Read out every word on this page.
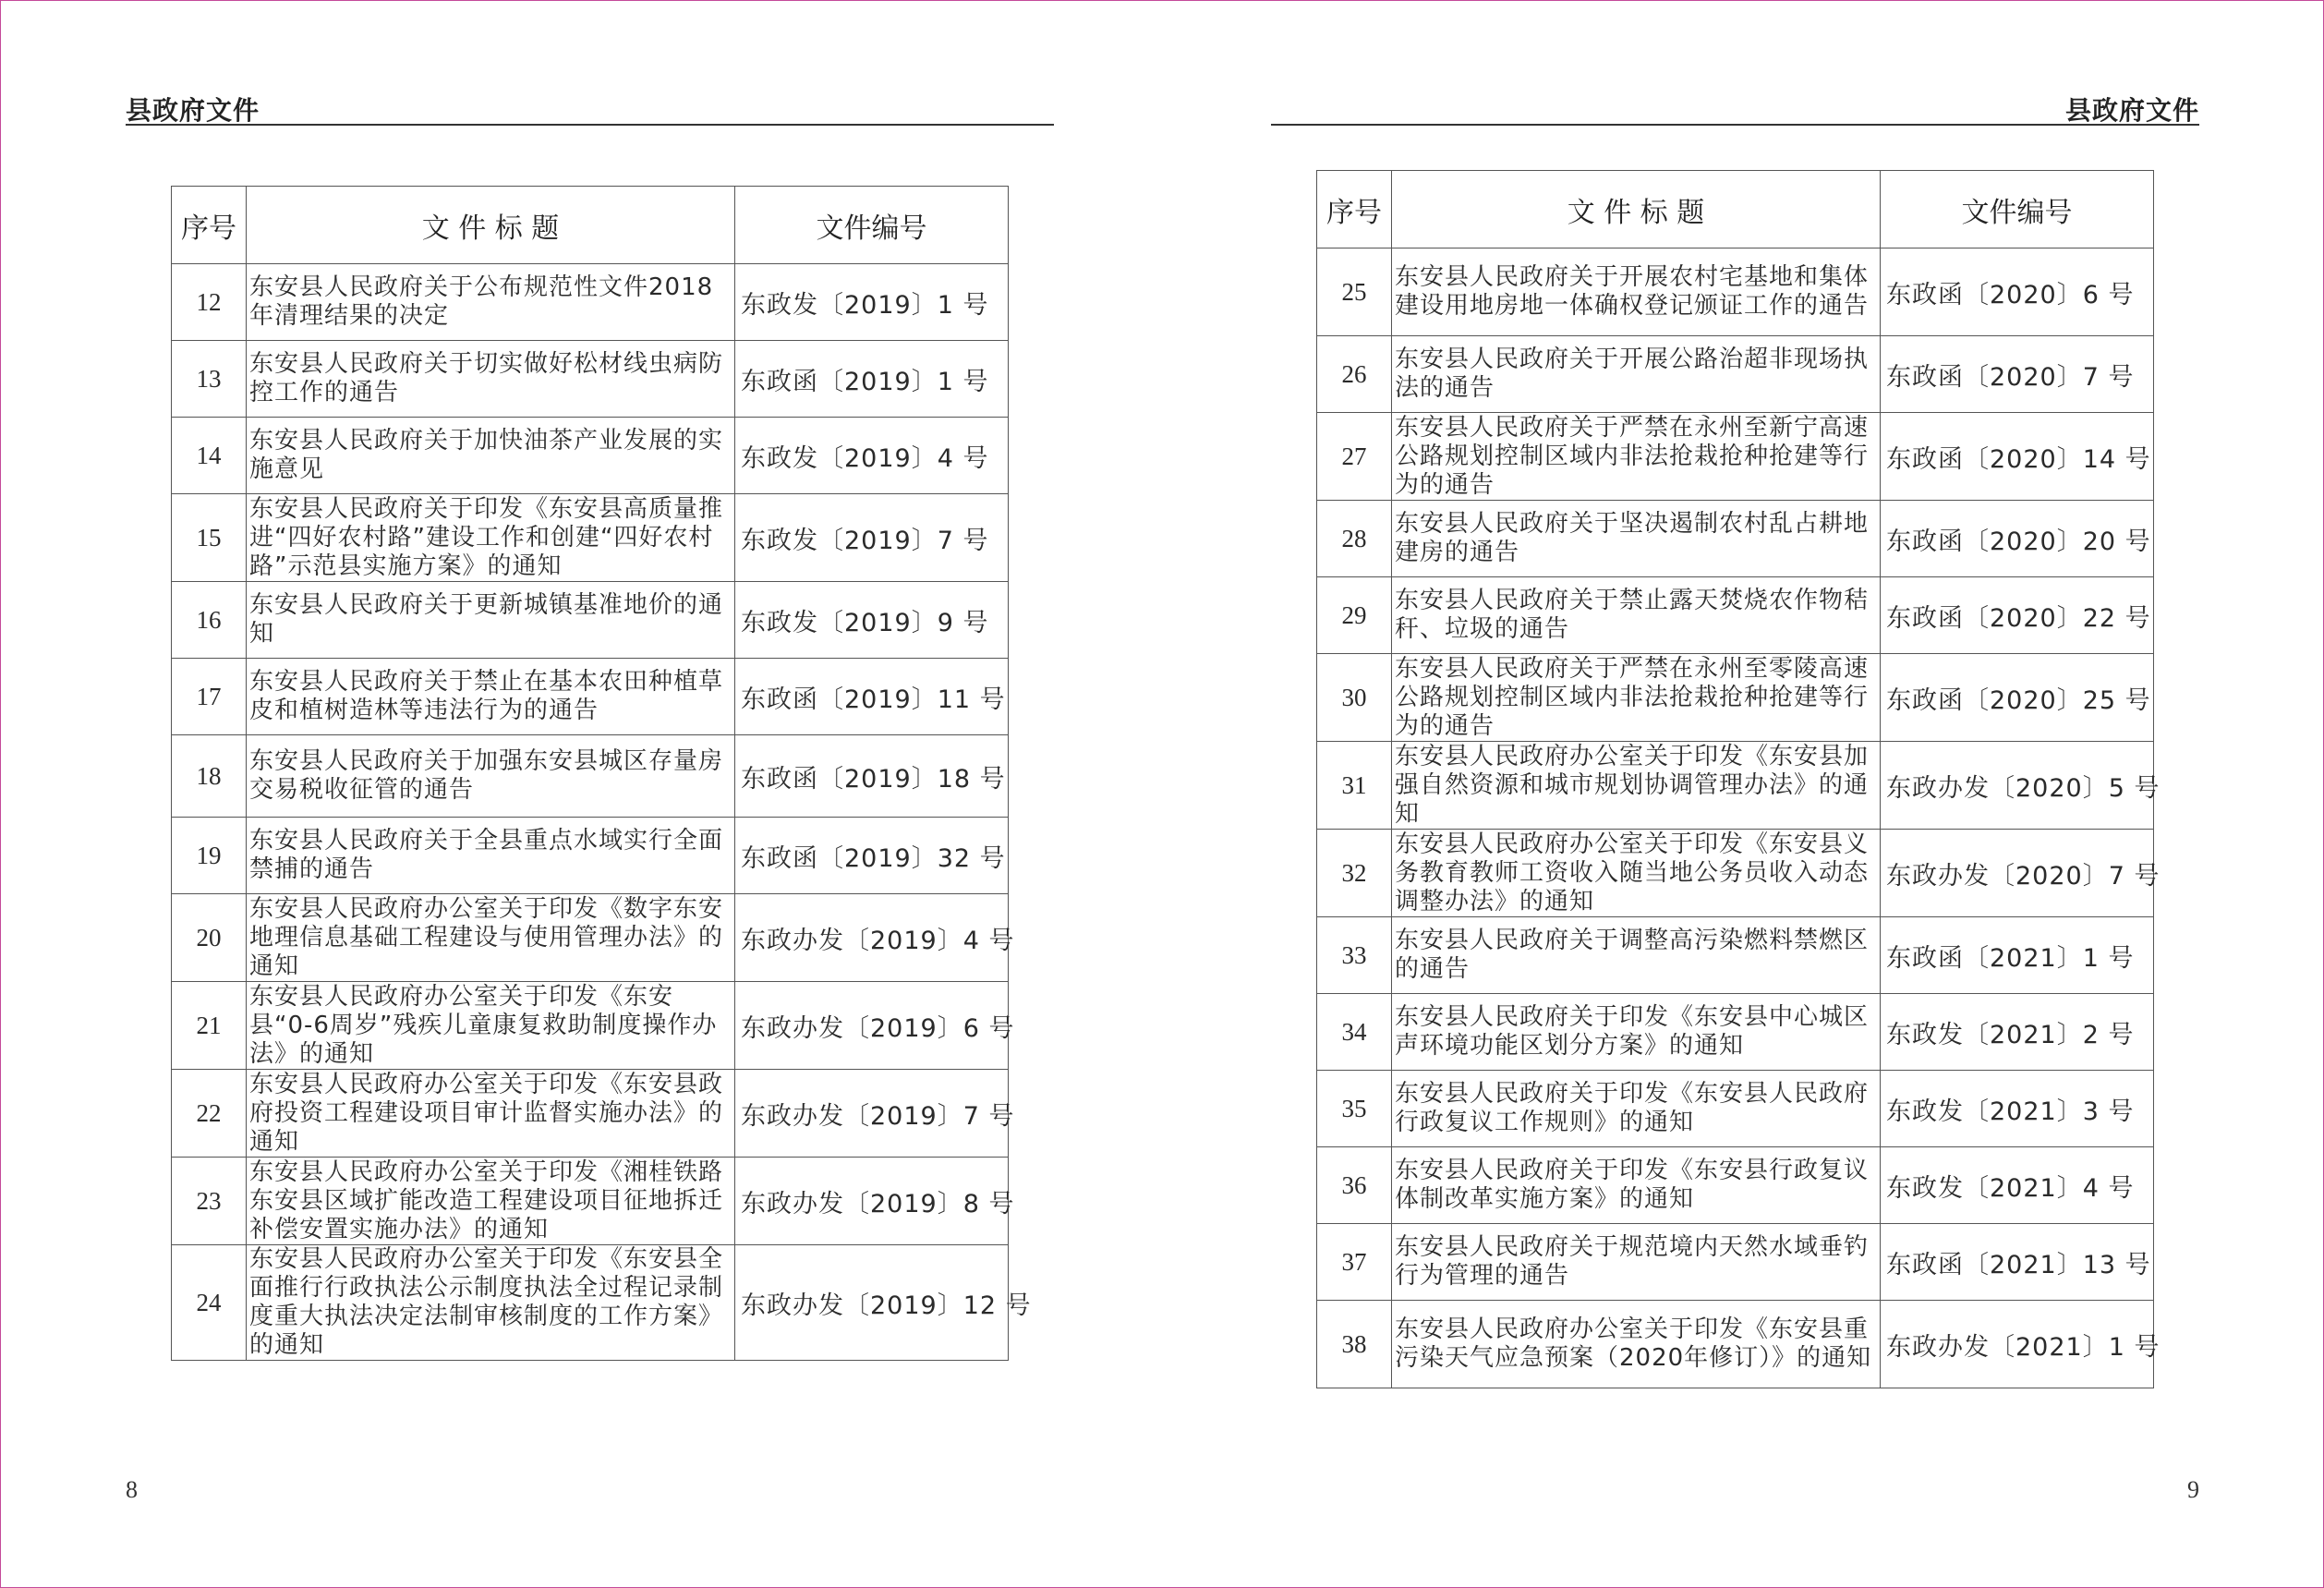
县政府文件
序号	文 件 标 题	文件编号
12	东安县人民政府关于公布规范性文件2018年清理结果的决定	东政发〔2019〕1 号
13	东安县人民政府关于切实做好松材线虫病防控工作的通告	东政函〔2019〕1 号
14	东安县人民政府关于加快油茶产业发展的实施意见	东政发〔2019〕4 号
15	东安县人民政府关于印发《东安县高质量推进“四好农村路”建设工作和创建“四好农村路”示范县实施方案》的通知	东政发〔2019〕7 号
16	东安县人民政府关于更新城镇基准地价的通知	东政发〔2019〕9 号
17	东安县人民政府关于禁止在基本农田种植草皮和植树造林等违法行为的通告	东政函〔2019〕11 号
18	东安县人民政府关于加强东安县城区存量房交易税收征管的通告	东政函〔2019〕18 号
19	东安县人民政府关于全县重点水域实行全面禁捕的通告	东政函〔2019〕32 号
20	东安县人民政府办公室关于印发《数字东安地理信息基础工程建设与使用管理办法》的通知	东政办发〔2019〕4 号
21	东安县人民政府办公室关于印发《东安县“0-6周岁”残疾儿童康复救助制度操作办法》的通知	东政办发〔2019〕6 号
22	东安县人民政府办公室关于印发《东安县政府投资工程建设项目审计监督实施办法》的通知	东政办发〔2019〕7 号
23	东安县人民政府办公室关于印发《湘桂铁路东安县区域扩能改造工程建设项目征地拆迁补偿安置实施办法》的通知	东政办发〔2019〕8 号
24	东安县人民政府办公室关于印发《东安县全面推行行政执法公示制度执法全过程记录制度重大执法决定法制审核制度的工作方案》的通知	东政办发〔2019〕12 号
8
县政府文件
序号	文 件 标 题	文件编号
25	东安县人民政府关于开展农村宅基地和集体建设用地房地一体确权登记颁证工作的通告	东政函〔2020〕6 号
26	东安县人民政府关于开展公路治超非现场执法的通告	东政函〔2020〕7 号
27	东安县人民政府关于严禁在永州至新宁高速公路规划控制区域内非法抢栽抢种抢建等行为的通告	东政函〔2020〕14 号
28	东安县人民政府关于坚决遏制农村乱占耕地建房的通告	东政函〔2020〕20 号
29	东安县人民政府关于禁止露天焚烧农作物秸秆、垃圾的通告	东政函〔2020〕22 号
30	东安县人民政府关于严禁在永州至零陵高速公路规划控制区域内非法抢栽抢种抢建等行为的通告	东政函〔2020〕25 号
31	东安县人民政府办公室关于印发《东安县加强自然资源和城市规划协调管理办法》的通知	东政办发〔2020〕5 号
32	东安县人民政府办公室关于印发《东安县义务教育教师工资收入随当地公务员收入动态调整办法》的通知	东政办发〔2020〕7 号
33	东安县人民政府关于调整高污染燃料禁燃区的通告	东政函〔2021〕1 号
34	东安县人民政府关于印发《东安县中心城区声环境功能区划分方案》的通知	东政发〔2021〕2 号
35	东安县人民政府关于印发《东安县人民政府行政复议工作规则》的通知	东政发〔2021〕3 号
36	东安县人民政府关于印发《东安县行政复议体制改革实施方案》的通知	东政发〔2021〕4 号
37	东安县人民政府关于规范境内天然水域垂钓行为管理的通告	东政函〔2021〕13 号
38	东安县人民政府办公室关于印发《东安县重污染天气应急预案（2020年修订）》的通知	东政办发〔2021〕1 号
9
